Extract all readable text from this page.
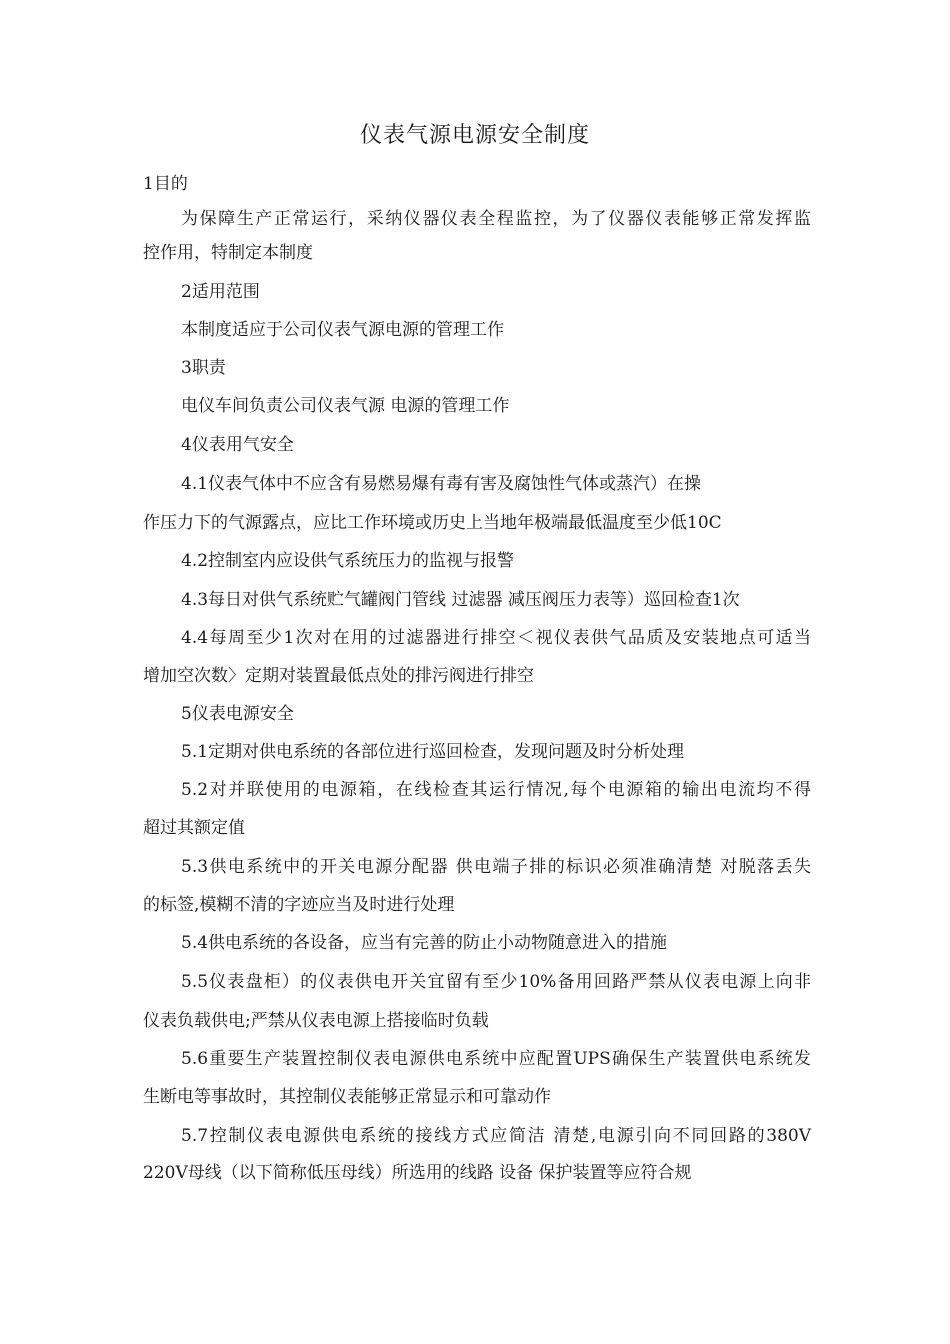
仪表气源电源安全制度
1目的
为保障生产正常运行，采纳仪器仪表全程监控，为了仪器仪表能够正常发挥监
控作用，特制定本制度
2适用范围
本制度适应于公司仪表气源电源的管理工作
3职责
电仪车间负责公司仪表气源 电源的管理工作
4仪表用气安全
4.1仪表气体中不应含有易燃易爆有毒有害及腐蚀性气体或蒸汽）在操
作压力下的气源露点，应比工作环境或历史上当地年极端最低温度至少低10C
4.2控制室内应设供气系统压力的监视与报警
4.3每日对供气系统贮气罐阀门管线 过滤器 减压阀压力表等）巡回检查1次
4.4每周至少1次对在用的过滤器进行排空＜视仪表供气品质及安装地点可适当
增加空次数〉定期对装置最低点处的排污阀进行排空
5仪表电源安全
5.1定期对供电系统的各部位进行巡回检查，发现问题及时分析处理
5.2对并联使用的电源箱，在线检查其运行情况,每个电源箱的输出电流均不得
超过其额定值
5.3供电系统中的开关电源分配器 供电端子排的标识必须准确清楚 对脱落丢失
的标签,模糊不清的字迹应当及时进行处理
5.4供电系统的各设备，应当有完善的防止小动物随意进入的措施
5.5仪表盘柜）的仪表供电开关宜留有至少10%备用回路严禁从仪表电源上向非
仪表负载供电;严禁从仪表电源上搭接临时负载
5.6重要生产装置控制仪表电源供电系统中应配置UPS确保生产装置供电系统发
生断电等事故时，其控制仪表能够正常显示和可靠动作
5.7控制仪表电源供电系统的接线方式应简洁 清楚,电源引向不同回路的380V
220V母线（以下简称低压母线）所选用的线路 设备 保护装置等应符合规
